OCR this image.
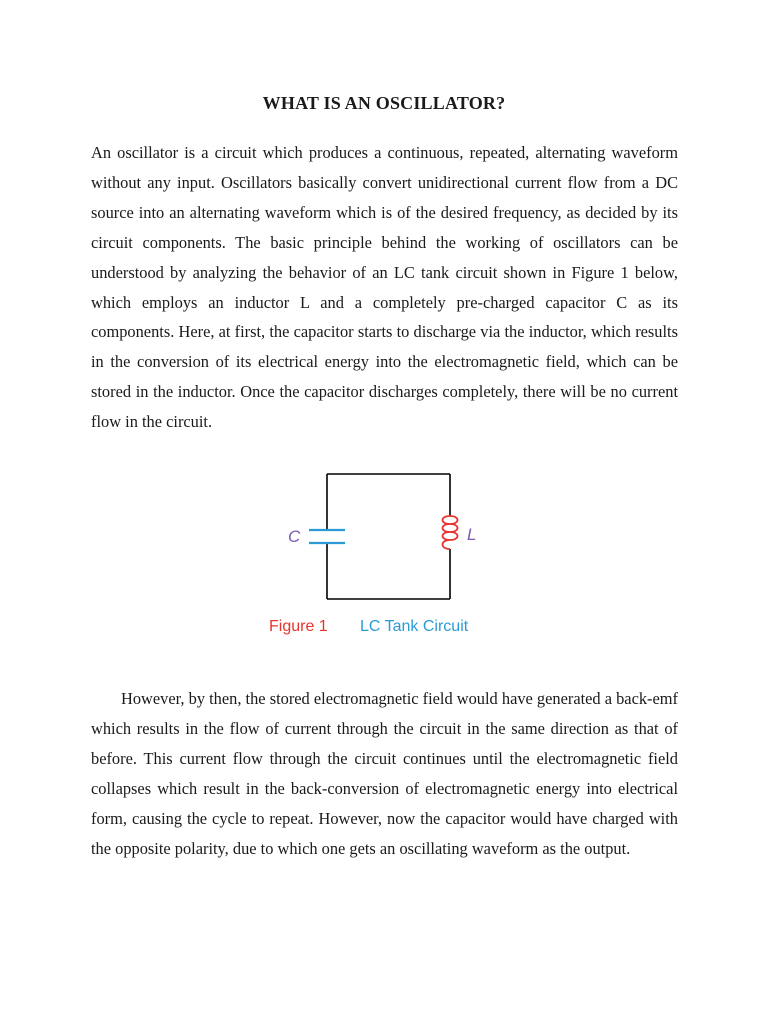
WHAT IS AN OSCILLATOR?

An oscillator is a circuit which produces a continuous, repeated, alternating waveform without any input. Oscillators basically convert unidirectional current flow from a DC source into an alternating waveform which is of the desired frequency, as decided by its circuit components. The basic principle behind the working of oscillators can be understood by analyzing the behavior of an LC tank circuit shown in Figure 1 below, which employs an inductor L and a completely pre-charged capacitor C as its components. Here, at first, the capacitor starts to discharge via the inductor, which results in the conversion of its electrical energy into the electromagnetic field, which can be stored in the inductor. Once the capacitor discharges completely, there will be no current flow in the circuit.

C	L
Figure 1 LC Tank Circuit

However, by then, the stored electromagnetic field would have generated a back-emf which results in the flow of current through the circuit in the same direction as that of before. This current flow through the circuit continues until the electromagnetic field collapses which result in the back-conversion of electromagnetic energy into electrical form, causing the cycle to repeat. However, now the capacitor would have charged with the opposite polarity, due to which one gets an oscillating waveform as the output.
